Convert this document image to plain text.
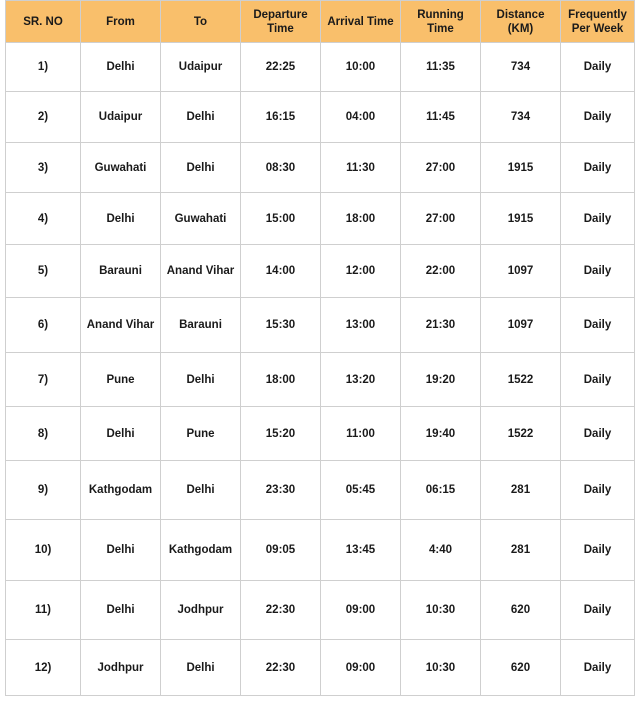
SR. NO	From	To	Departure Time	Arrival Time	Running Time	Distance (KM)	Frequently Per Week
1)	Delhi	Udaipur	22:25	10:00	11:35	734	Daily
2)	Udaipur	Delhi	16:15	04:00	11:45	734	Daily
3)	Guwahati	Delhi	08:30	11:30	27:00	1915	Daily
4)	Delhi	Guwahati	15:00	18:00	27:00	1915	Daily
5)	Barauni	Anand Vihar	14:00	12:00	22:00	1097	Daily
6)	Anand Vihar	Barauni	15:30	13:00	21:30	1097	Daily
7)	Pune	Delhi	18:00	13:20	19:20	1522	Daily
8)	Delhi	Pune	15:20	11:00	19:40	1522	Daily
9)	Kathgodam	Delhi	23:30	05:45	06:15	281	Daily
10)	Delhi	Kathgodam	09:05	13:45	4:40	281	Daily
11)	Delhi	Jodhpur	22:30	09:00	10:30	620	Daily
12)	Jodhpur	Delhi	22:30	09:00	10:30	620	Daily
